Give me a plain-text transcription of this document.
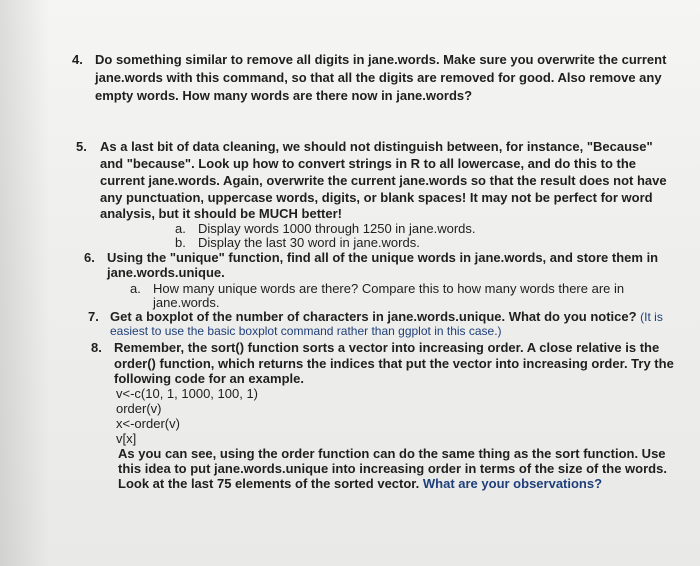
4. Do something similar to remove all digits in jane.words. Make sure you overwrite the current
jane.words with this command, so that all the digits are removed for good. Also remove any
empty words. How many words are there now in jane.words?
5. As a last bit of data cleaning, we should not distinguish between, for instance, "Because"
and "because". Look up how to convert strings in R to all lowercase, and do this to the
current jane.words. Again, overwrite the current jane.words so that the result does not have
any punctuation, uppercase words, digits, or blank spaces! It may not be perfect for word
analysis, but it should be MUCH better!
a. Display words 1000 through 1250 in jane.words.
b. Display the last 30 word in jane.words.
6. Using the "unique" function, find all of the unique words in jane.words, and store them in
jane.words.unique.
a. How many unique words are there? Compare this to how many words there are in
jane.words.
7. Get a boxplot of the number of characters in jane.words.unique. What do you notice? (It is
easiest to use the basic boxplot command rather than ggplot in this case.)
8. Remember, the sort() function sorts a vector into increasing order. A close relative is the
order() function, which returns the indices that put the vector into increasing order. Try the
following code for an example.
v<-c(10, 1, 1000, 100, 1)
order(v)
x<-order(v)
v[x]
As you can see, using the order function can do the same thing as the sort function. Use
this idea to put jane.words.unique into increasing order in terms of the size of the words.
Look at the last 75 elements of the sorted vector. What are your observations?
